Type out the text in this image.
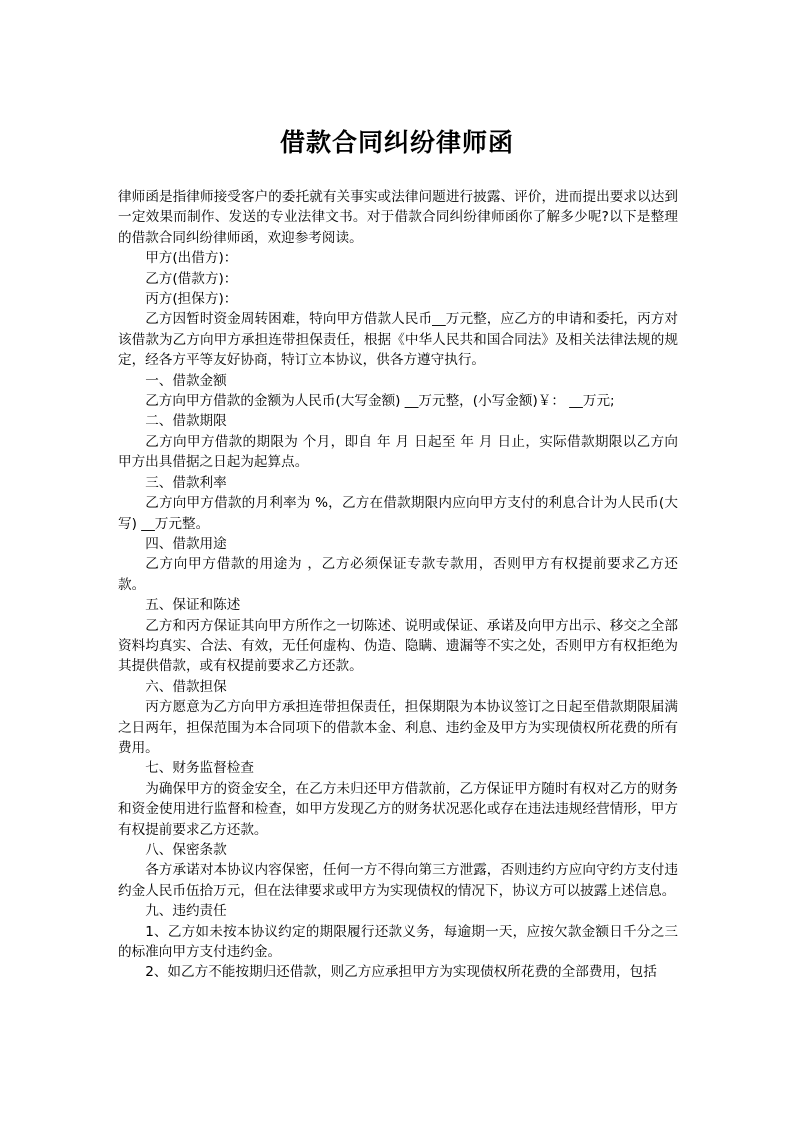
借款合同纠纷律师函

律师函是指律师接受客户的委托就有关事实或法律问题进行披露、评价，进而提出要求以达到一定效果而制作、发送的专业法律文书。对于借款合同纠纷律师函你了解多少呢?以下是整理的借款合同纠纷律师函，欢迎参考阅读。

甲方(出借方)：

乙方(借款方)：

丙方(担保方)：

乙方因暂时资金周转困难，特向甲方借款人民币__万元整，应乙方的申请和委托，丙方对该借款为乙方向甲方承担连带担保责任，根据《中华人民共和国合同法》及相关法律法规的规定，经各方平等友好协商，特订立本协议，供各方遵守执行。

一、借款金额

乙方向甲方借款的金额为人民币(大写金额) __万元整，(小写金额)￥： __万元;

二、借款期限

乙方向甲方借款的期限为 个月，即自 年 月 日起至 年 月 日止，实际借款期限以乙方向甲方出具借据之日起为起算点。

三、借款利率

乙方向甲方借款的月利率为 %，乙方在借款期限内应向甲方支付的利息合计为人民币(大写) __万元整。

四、借款用途

乙方向甲方借款的用途为 ，乙方必须保证专款专款用，否则甲方有权提前要求乙方还款。

五、保证和陈述

乙方和丙方保证其向甲方所作之一切陈述、说明或保证、承诺及向甲方出示、移交之全部资料均真实、合法、有效，无任何虚构、伪造、隐瞒、遗漏等不实之处，否则甲方有权拒绝为其提供借款，或有权提前要求乙方还款。

六、借款担保

丙方愿意为乙方向甲方承担连带担保责任，担保期限为本协议签订之日起至借款期限届满之日两年，担保范围为本合同项下的借款本金、利息、违约金及甲方为实现债权所花费的所有费用。

七、财务监督检查

为确保甲方的资金安全，在乙方未归还甲方借款前，乙方保证甲方随时有权对乙方的财务和资金使用进行监督和检查，如甲方发现乙方的财务状况恶化或存在违法违规经营情形，甲方有权提前要求乙方还款。

八、保密条款

各方承诺对本协议内容保密，任何一方不得向第三方泄露，否则违约方应向守约方支付违约金人民币伍拾万元，但在法律要求或甲方为实现债权的情况下，协议方可以披露上述信息。

九、违约责任

1、乙方如未按本协议约定的期限履行还款义务，每逾期一天，应按欠款金额日千分之三的标准向甲方支付违约金。

2、如乙方不能按期归还借款，则乙方应承担甲方为实现债权所花费的全部费用，包括
